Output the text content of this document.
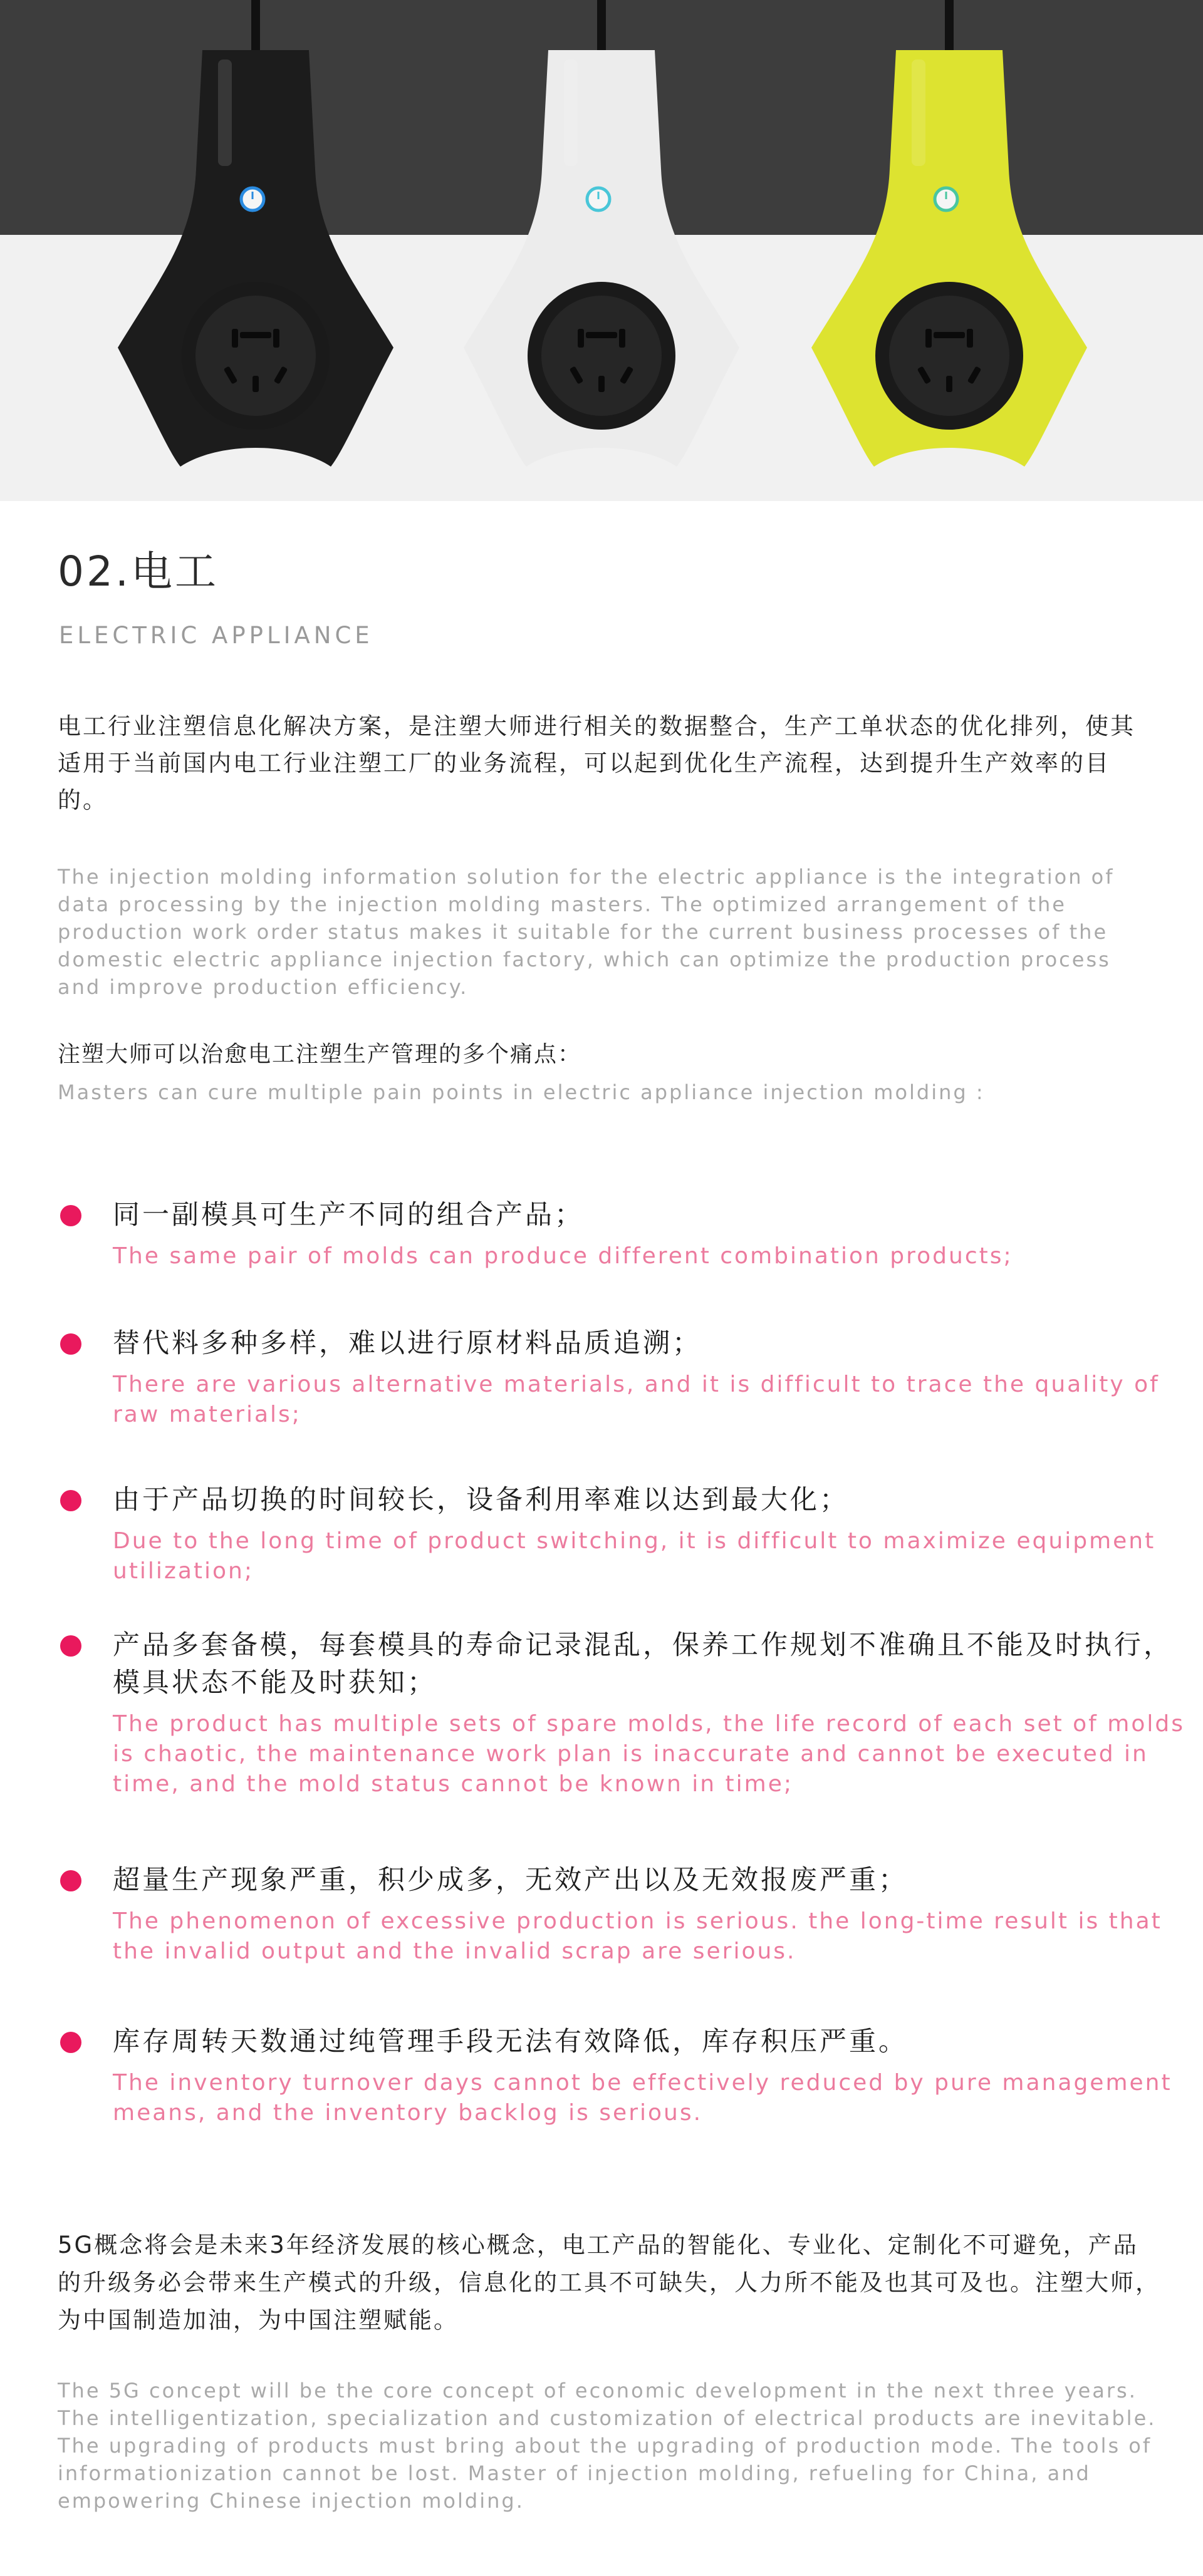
02.电工
ELECTRIC APPLIANCE

电工行业注塑信息化解决方案，是注塑大师进行相关的数据整合，生产工单状态的优化排列，使其适用于当前国内电工行业注塑工厂的业务流程，可以起到优化生产流程，达到提升生产效率的目的。

The injection molding information solution for the electric appliance is the integration of data processing by the injection molding masters. The optimized arrangement of the production work order status makes it suitable for the current business processes of the domestic electric appliance injection factory, which can optimize the production process and improve production efficiency.

注塑大师可以治愈电工注塑生产管理的多个痛点：
Masters can cure multiple pain points in electric appliance injection molding :

同一副模具可生产不同的组合产品；

The same pair of molds can produce different combination products;

替代料多种多样，难以进行原材料品质追溯；

There are various alternative materials, and it is difficult to trace the quality of raw materials;

由于产品切换的时间较长，设备利用率难以达到最大化；

Due to the long time of product switching, it is difficult to maximize equipment utilization;

产品多套备模，每套模具的寿命记录混乱，保养工作规划不准确且不能及时执行，模具状态不能及时获知；

The product has multiple sets of spare molds, the life record of each set of molds is chaotic, the maintenance work plan is inaccurate and cannot be executed in time, and the mold status cannot be known in time;

超量生产现象严重，积少成多，无效产出以及无效报废严重；

The phenomenon of excessive production is serious. the long-time result is that the invalid output and the invalid scrap are serious.

库存周转天数通过纯管理手段无法有效降低，库存积压严重。

The inventory turnover days cannot be effectively reduced by pure management means, and the inventory backlog is serious.

5G概念将会是未来3年经济发展的核心概念，电工产品的智能化、专业化、定制化不可避免，产品的升级务必会带来生产模式的升级，信息化的工具不可缺失，人力所不能及也其可及也。注塑大师，为中国制造加油，为中国注塑赋能。

The 5G concept will be the core concept of economic development in the next three years. The intelligentization, specialization and customization of electrical products are inevitable. The upgrading of products must bring about the upgrading of production mode. The tools of informationization cannot be lost. Master of injection molding, refueling for China, and empowering Chinese injection molding.
